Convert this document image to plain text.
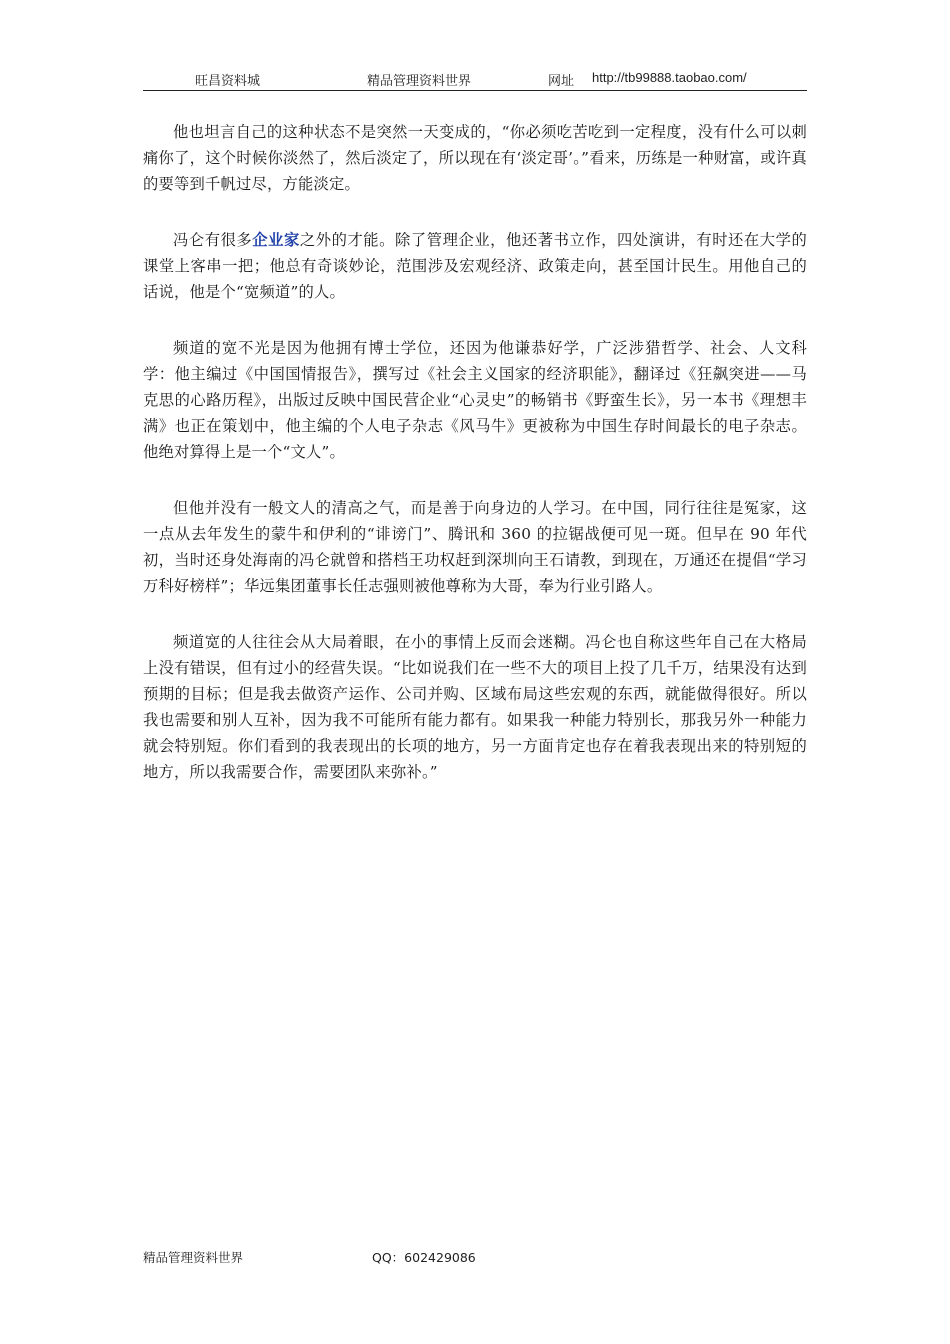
旺昌资料城	精品管理资料世界	网址 http://tb99888.taobao.com/

他也坦言自己的这种状态不是突然一天变成的，“你必须吃苦吃到一定程度，没有什么可以刺痛你了，这个时候你淡然了，然后淡定了，所以现在有‘淡定哥’。”看来，历练是一种财富，或许真的要等到千帆过尽，方能淡定。

冯仑有很多企业家之外的才能。除了管理企业，他还著书立作，四处演讲，有时还在大学的课堂上客串一把；他总有奇谈妙论，范围涉及宏观经济、政策走向，甚至国计民生。用他自己的话说，他是个“宽频道”的人。

频道的宽不光是因为他拥有博士学位，还因为他谦恭好学，广泛涉猎哲学、社会、人文科学：他主编过《中国国情报告》，撰写过《社会主义国家的经济职能》，翻译过《狂飙突进——马克思的心路历程》，出版过反映中国民营企业“心灵史”的畅销书《野蛮生长》，另一本书《理想丰满》也正在策划中，他主编的个人电子杂志《风马牛》更被称为中国生存时间最长的电子杂志。他绝对算得上是一个“文人”。

但他并没有一般文人的清高之气，而是善于向身边的人学习。在中国，同行往往是冤家，这一点从去年发生的蒙牛和伊利的“诽谤门”、腾讯和 360 的拉锯战便可见一斑。但早在 90 年代初，当时还身处海南的冯仑就曾和搭档王功权赶到深圳向王石请教，到现在，万通还在提倡“学习万科好榜样”；华远集团董事长任志强则被他尊称为大哥，奉为行业引路人。

频道宽的人往往会从大局着眼，在小的事情上反而会迷糊。冯仑也自称这些年自己在大格局上没有错误，但有过小的经营失误。“比如说我们在一些不大的项目上投了几千万，结果没有达到预期的目标；但是我去做资产运作、公司并购、区域布局这些宏观的东西，就能做得很好。所以我也需要和别人互补，因为我不可能所有能力都有。如果我一种能力特别长，那我另外一种能力就会特别短。你们看到的我表现出的长项的地方，另一方面肯定也存在着我表现出来的特别短的地方，所以我需要合作，需要团队来弥补。”

精品管理资料世界	QQ：602429086
